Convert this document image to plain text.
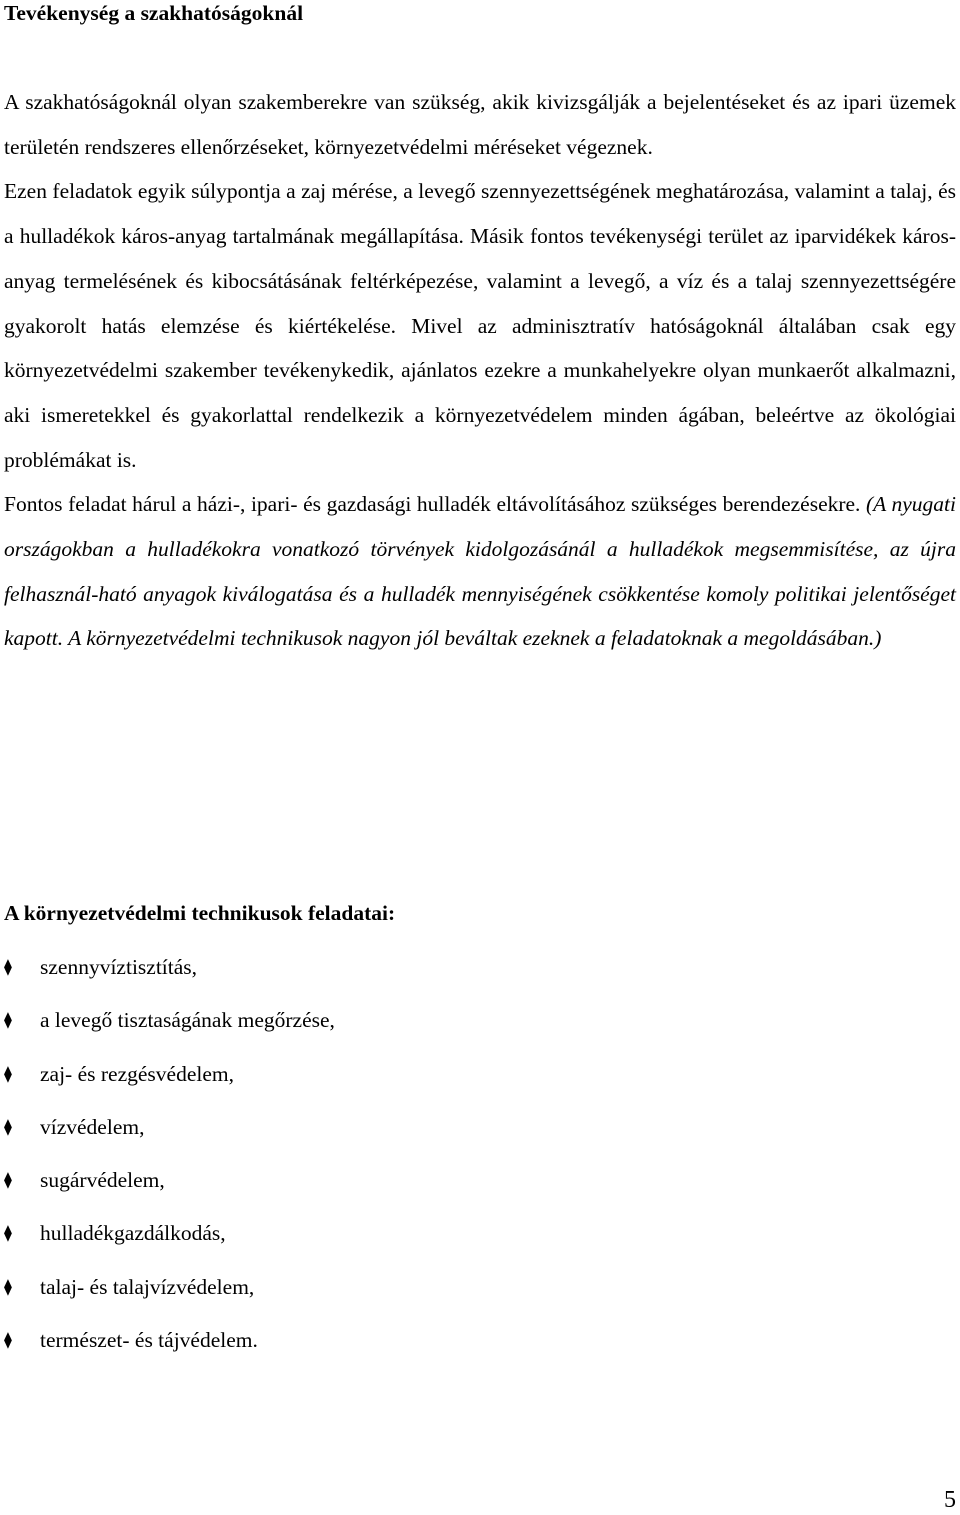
Tevékenység a szakhatóságoknál

A szakhatóságoknál olyan szakemberekre van szükség, akik kivizsgálják a bejelentéseket és az ipari üzemek területén rendszeres ellenőrzéseket, környezetvédelmi méréseket végeznek.

Ezen feladatok egyik súlypontja a zaj mérése, a levegő szennyezettségének meghatározása, valamint a talaj, és a hulladékok káros-anyag tartalmának megállapítása. Másik fontos tevékenységi terület az iparvidékek káros-anyag termelésének és kibocsátásának feltérképezése, valamint a levegő, a víz és a talaj szennyezettségére gyakorolt hatás elemzése és kiértékelése. Mivel az adminisztratív hatóságoknál általában csak egy környezetvédelmi szakember tevékenykedik, ajánlatos ezekre a munkahelyekre olyan munkaerőt alkalmazni, aki ismeretekkel és gyakorlattal rendelkezik a környezetvédelem minden ágában, beleértve az ökológiai problémákat is.

Fontos feladat hárul a házi-, ipari- és gazdasági hulladék eltávolításához szükséges berendezésekre. (A nyugati országokban a hulladékokra vonatkozó törvények kidolgozásánál a hulladékok megsemmisítése, az újra felhasznál-ható anyagok kiválogatása és a hulladék mennyiségének csökkentése komoly politikai jelentőséget kapott. A környezetvédelmi technikusok nagyon jól beváltak ezeknek a feladatoknak a megoldásában.)

A környezetvédelmi technikusok feladatai:
⧫	szennyvíztisztítás,
⧫	a levegő tisztaságának megőrzése,
⧫	zaj- és rezgésvédelem,
⧫	vízvédelem,
⧫	sugárvédelem,
⧫	hulladékgazdálkodás,
⧫	talaj- és talajvízvédelem,
⧫	természet- és tájvédelem.
5
